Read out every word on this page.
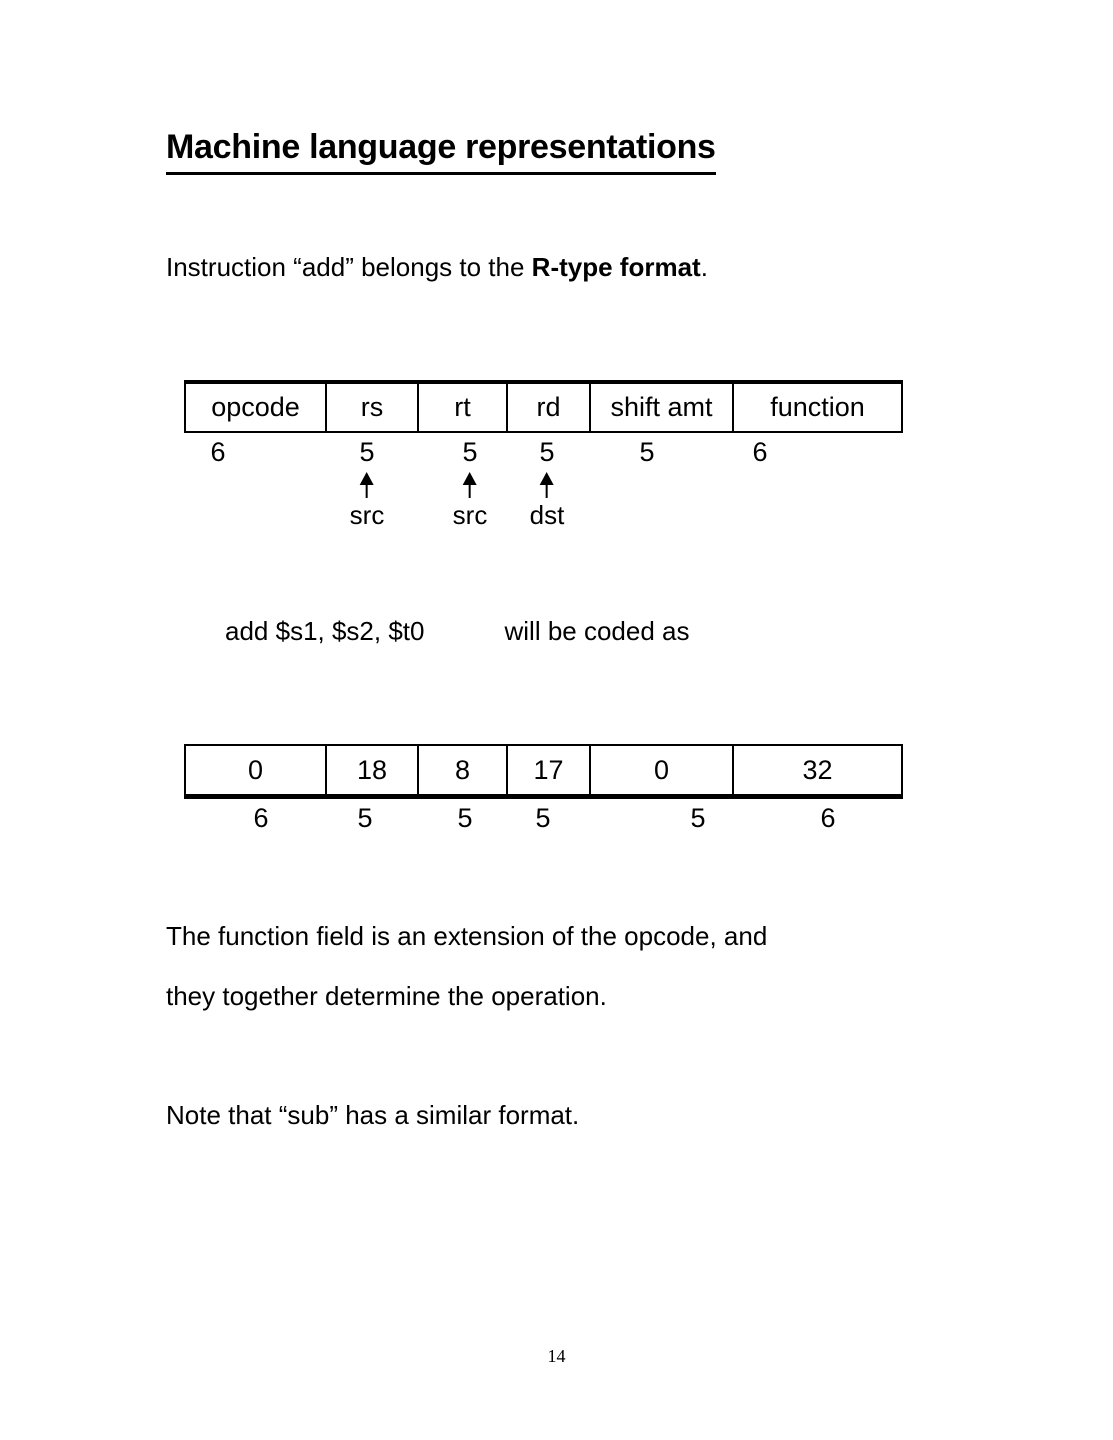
Machine language representations

Instruction “add” belongs to the R-type format.

opcode	rs	rt	rd	shift amt	function
6	5	5 5	5	6
src	src dst

add $s1, $s2, $t0	will be coded as

0	18	8	17	0	32
6	5	5 5	5	6

The function field is an extension of the opcode, and

they together determine the operation.

Note that “sub” has a similar format.

14
